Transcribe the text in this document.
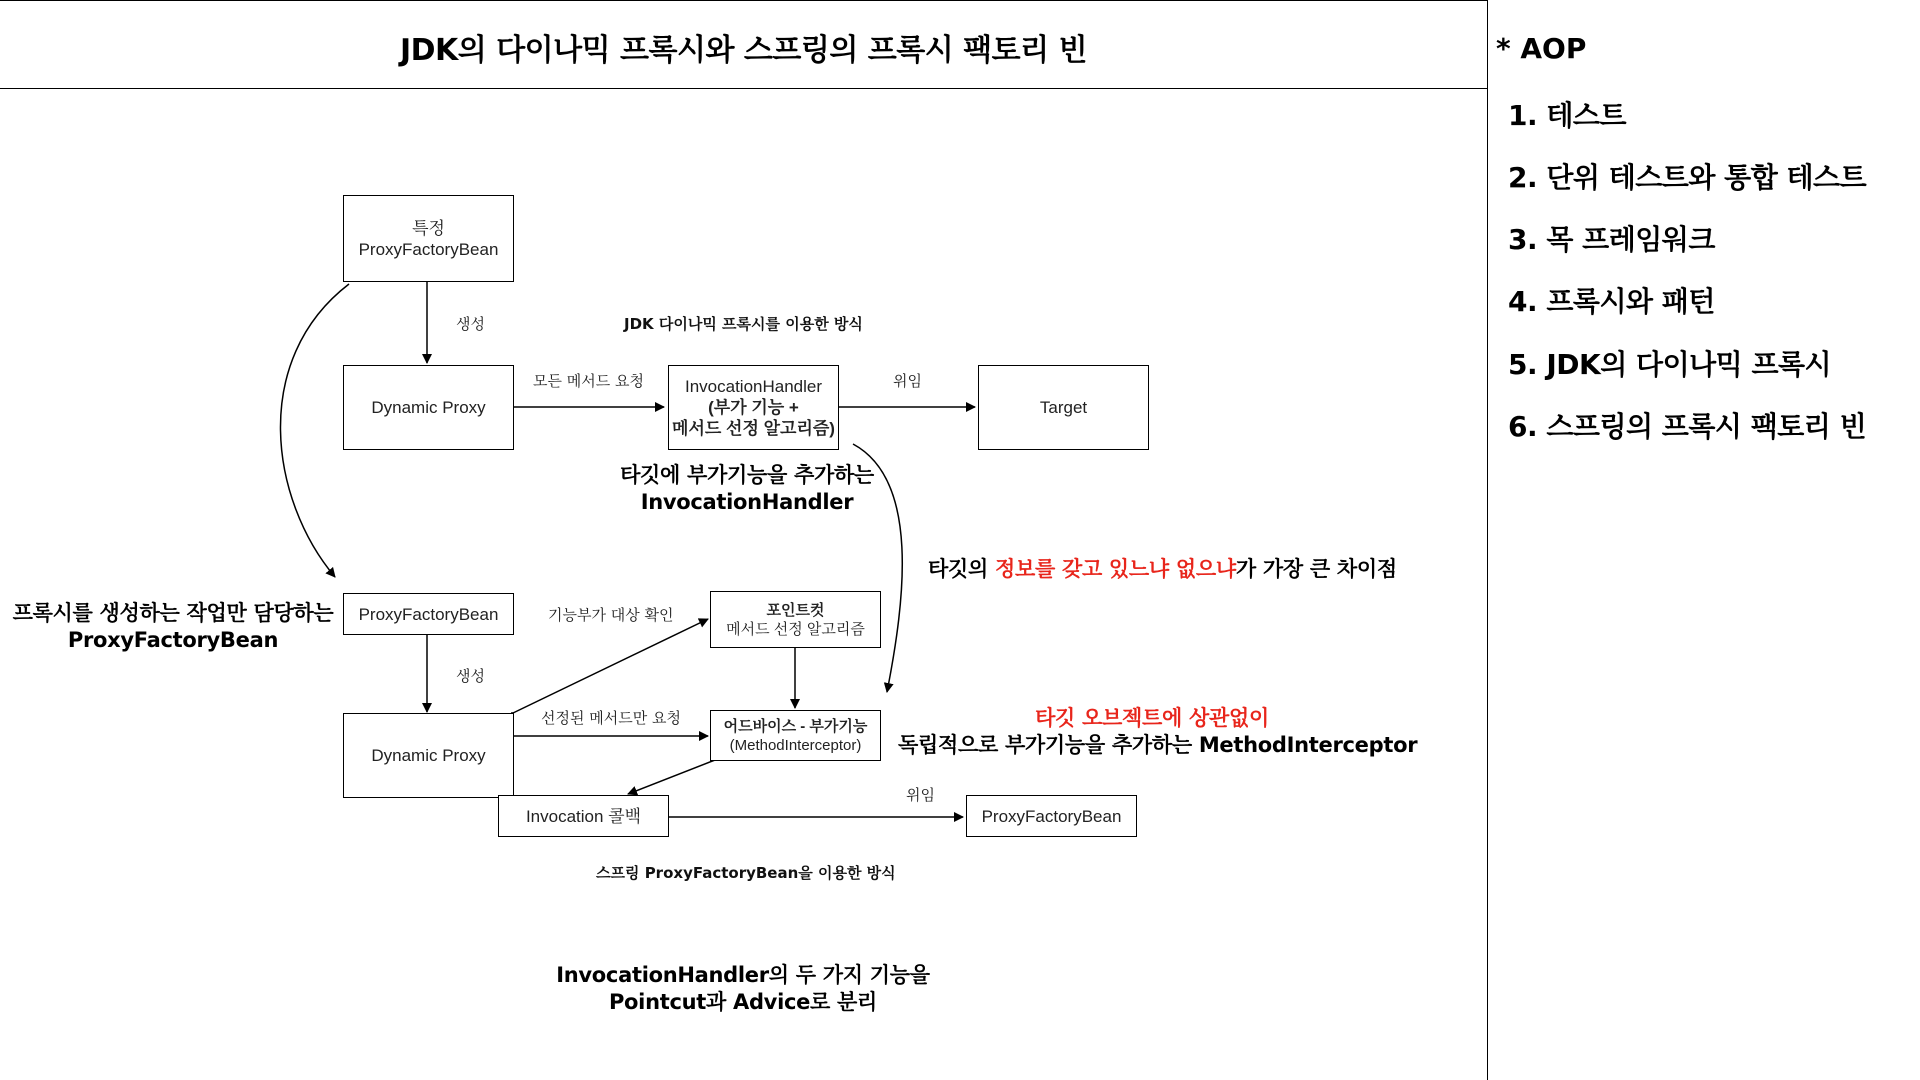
JDK의 다이나믹 프록시와 스프링의 프록시 팩토리 빈
특정
ProxyFactoryBean
생성	JDK 다이나믹 프록시를 이용한 방식
Dynamic Proxy
모든 메서드 요청 InvocationHandler
(부가 기능 +
메서드 선정 알고리즘)
위임
Target
타깃에 부가기능을 추가하는
InvocationHandler
타깃의 정보를 갖고 있느냐 없으냐가 가장 큰 차이점
프록시를 생성하는 작업만 담당하는
ProxyFactoryBean
ProxyFactoryBean	기능부가 대상 확인	포인트컷
메서드 선정 알고리즘
생성
Dynamic Proxy
선정된 메서드만 요청	어드바이스 - 부가기능
(MethodInterceptor)
타깃 오브젝트에 상관없이
독립적으로 부가기능을 추가하는 MethodInterceptor
Invocation 콜백
위임
ProxyFactoryBean
스프링 ProxyFactoryBean을 이용한 방식
InvocationHandler의 두 가지 기능을
Pointcut과 Advice로 분리
* AOP
1. 테스트
2. 단위 테스트와 통합 테스트
3. 목 프레임워크
4. 프록시와 패턴
5. JDK의 다이나믹 프록시
6. 스프링의 프록시 팩토리 빈
